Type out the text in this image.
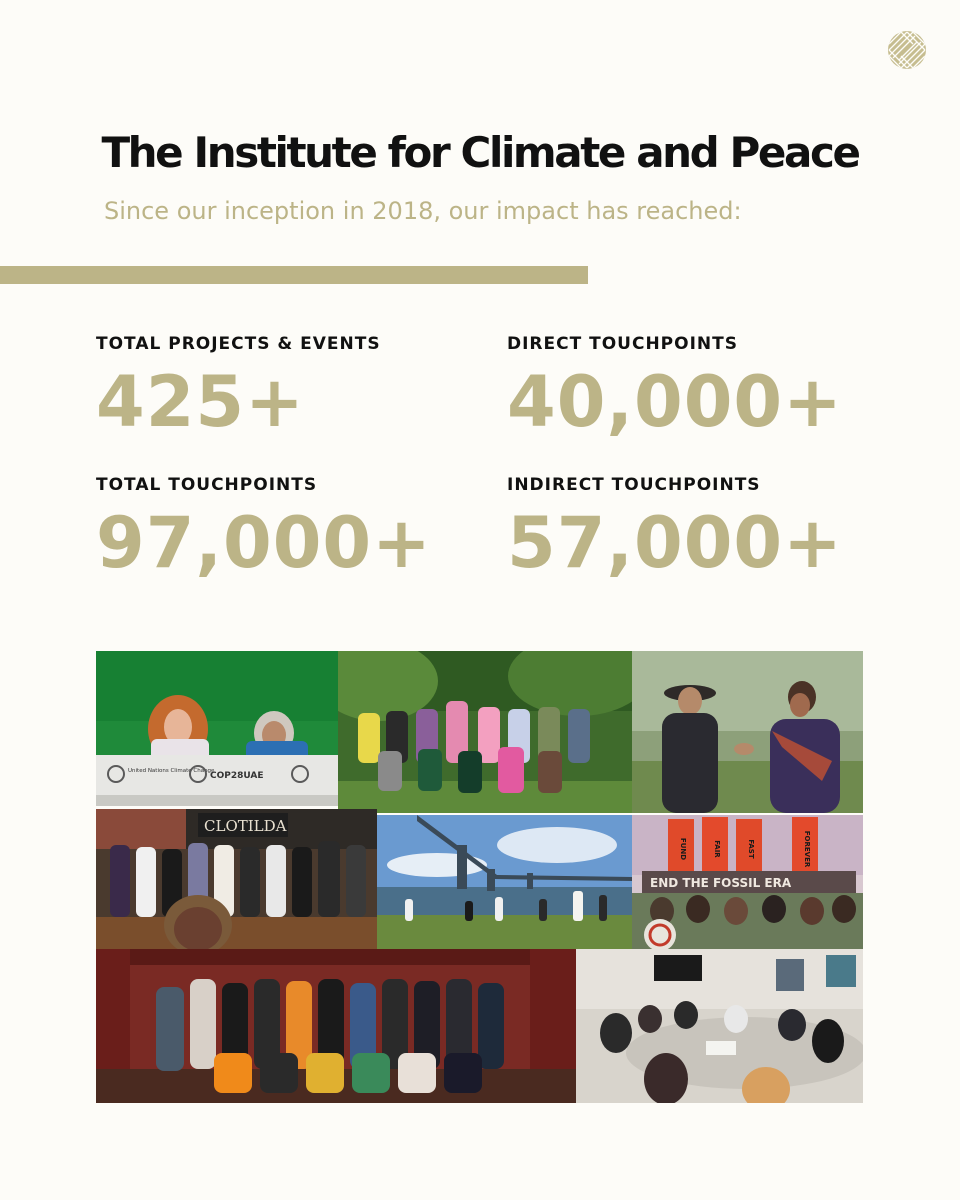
The Institute for Climate and Peace
Since our inception in 2018, our impact has reached:
TOTAL PROJECTS & EVENTS
425+
DIRECT TOUCHPOINTS
40,000+
TOTAL TOUCHPOINTS
97,000+
INDIRECT TOUCHPOINTS
57,000+
United Nations Climate Change
COP28UAE
CLOTILDA
FUND	FAIR	FAST	FOREVER
END THE FOSSIL ERA
